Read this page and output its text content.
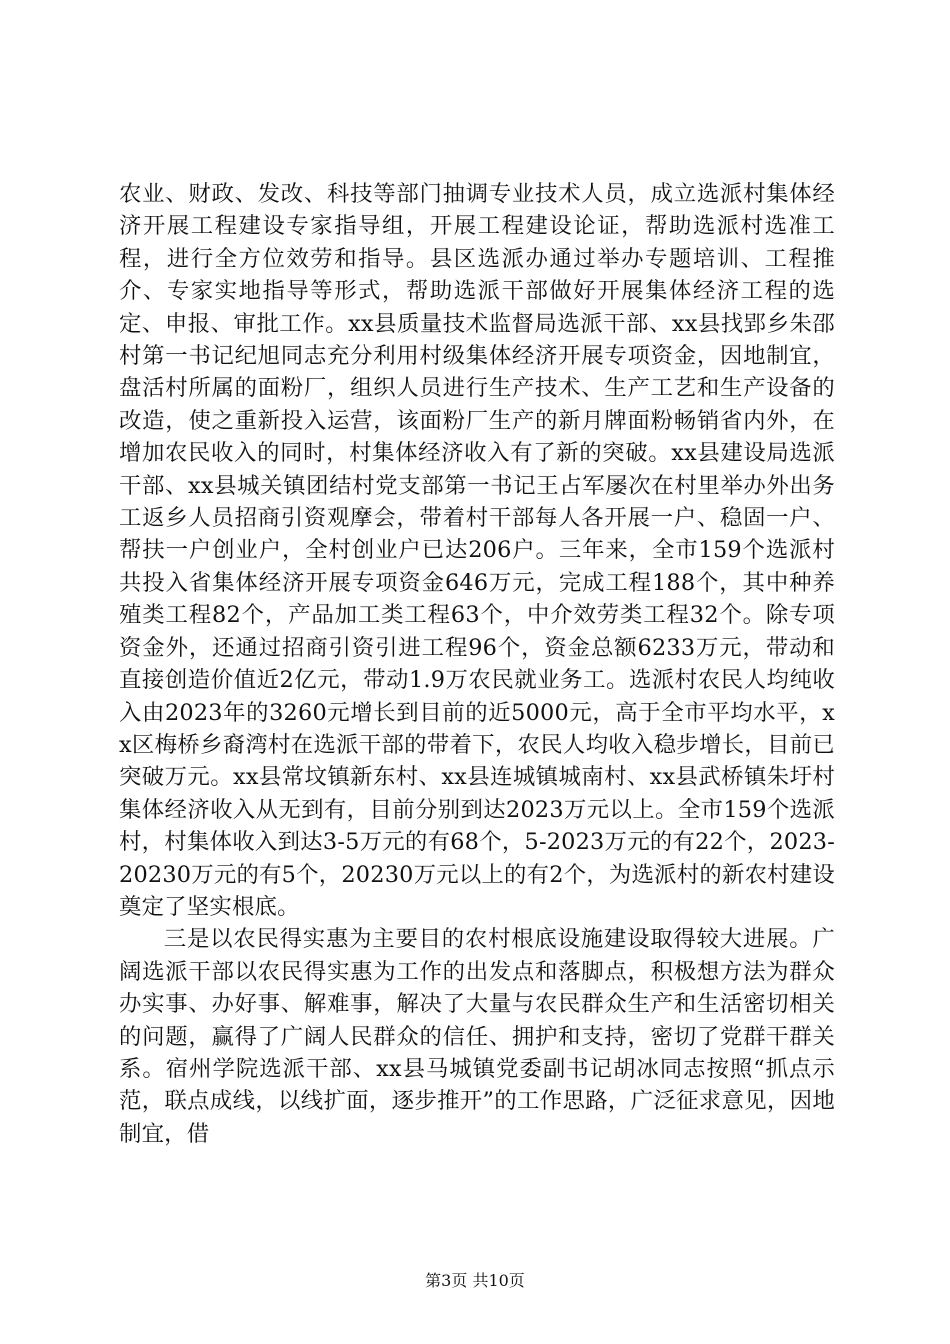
农业、财政、发改、科技等部门抽调专业技术人员，成立选派村集体经济开展工程建设专家指导组，开展工程建设论证，帮助选派村选准工程，进行全方位效劳和指导。县区选派办通过举办专题培训、工程推介、专家实地指导等形式，帮助选派干部做好开展集体经济工程的选定、申报、审批工作。xx县质量技术监督局选派干部、xx县找郢乡朱邵村第一书记纪旭同志充分利用村级集体经济开展专项资金，因地制宜，盘活村所属的面粉厂，组织人员进行生产技术、生产工艺和生产设备的改造，使之重新投入运营，该面粉厂生产的新月牌面粉畅销省内外，在增加农民收入的同时，村集体经济收入有了新的突破。xx县建设局选派干部、xx县城关镇团结村党支部第一书记王占军屡次在村里举办外出务工返乡人员招商引资观摩会，带着村干部每人各开展一户、稳固一户、帮扶一户创业户，全村创业户已达206户。三年来，全市159个选派村共投入省集体经济开展专项资金646万元，完成工程188个，其中种养殖类工程82个，产品加工类工程63个，中介效劳类工程32个。除专项资金外，还通过招商引资引进工程96个，资金总额6233万元，带动和直接创造价值近2亿元，带动1.9万农民就业务工。选派村农民人均纯收入由2023年的3260元增长到目前的近5000元，高于全市平均水平，xx区梅桥乡裔湾村在选派干部的带着下，农民人均收入稳步增长，目前已突破万元。xx县常坟镇新东村、xx县连城镇城南村、xx县武桥镇朱圩村集体经济收入从无到有，目前分别到达2023万元以上。全市159个选派村，村集体收入到达3-5万元的有68个，5-2023万元的有22个，2023-20230万元的有5个，20230万元以上的有2个，为选派村的新农村建设奠定了坚实根底。

三是以农民得实惠为主要目的农村根底设施建设取得较大进展。广阔选派干部以农民得实惠为工作的出发点和落脚点，积极想方法为群众办实事、办好事、解难事，解决了大量与农民群众生产和生活密切相关的问题，赢得了广阔人民群众的信任、拥护和支持，密切了党群干群关系。宿州学院选派干部、xx县马城镇党委副书记胡冰同志按照“抓点示范，联点成线，以线扩面，逐步推开”的工作思路，广泛征求意见，因地制宜，借

第3页 共10页
